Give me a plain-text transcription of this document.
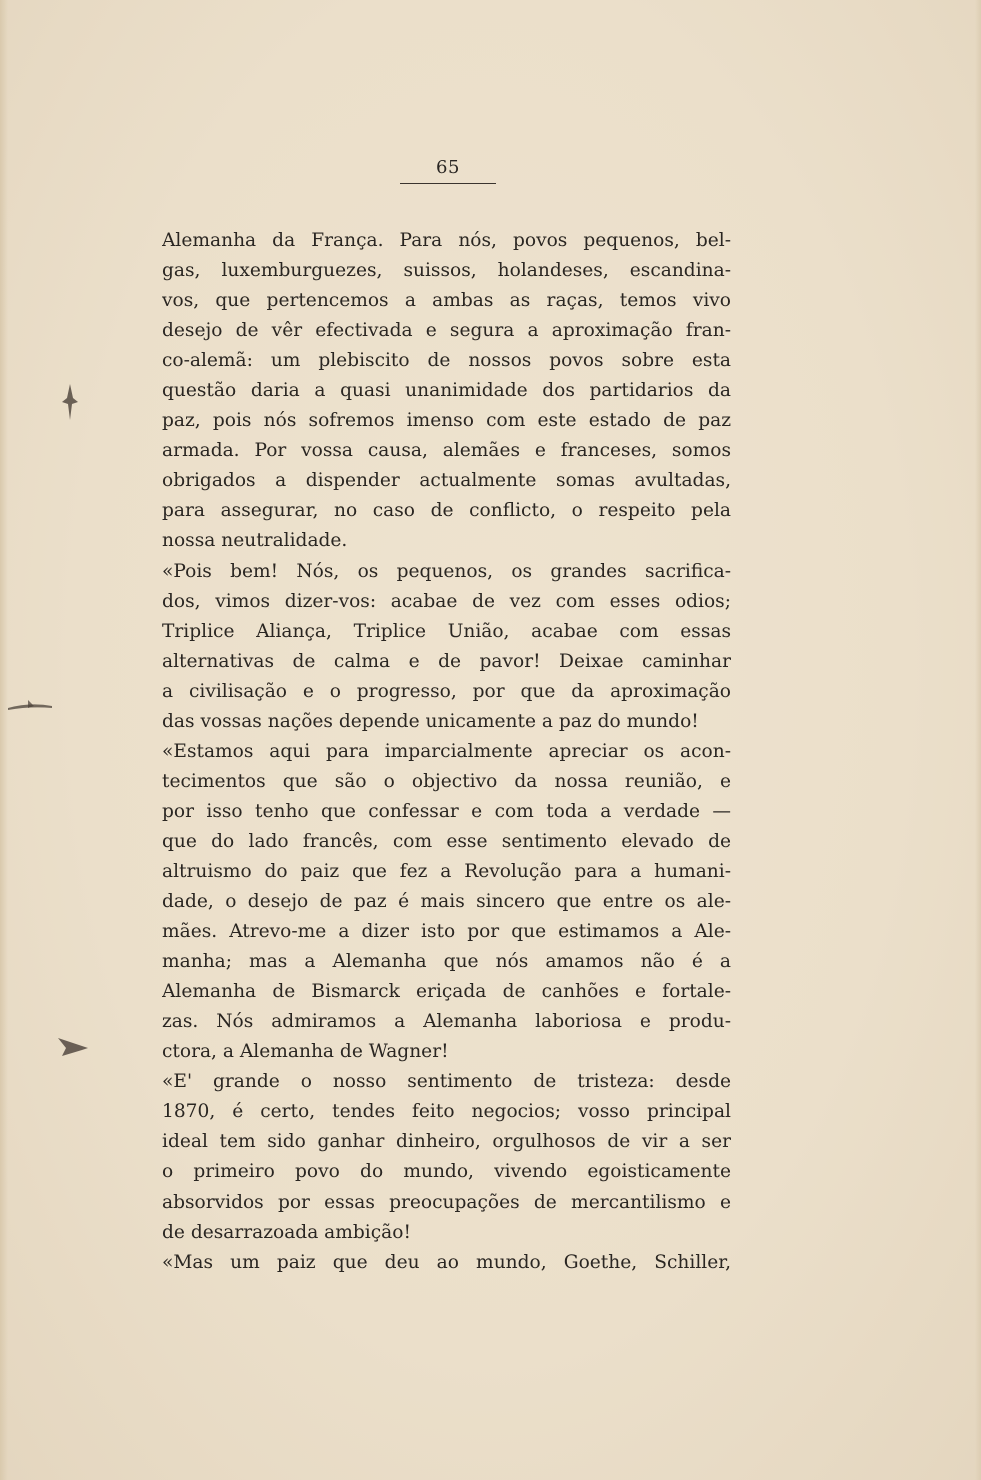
65
Alemanha da França. Para nós, povos pequenos, bel-
gas, luxemburguezes, suissos, holandeses, escandina-
vos, que pertencemos a ambas as raças, temos vivo
desejo de vêr efectivada e segura a aproximação fran-
co-alemã: um plebiscito de nossos povos sobre esta
questão daria a quasi unanimidade dos partidarios da
paz, pois nós sofremos imenso com este estado de paz
armada. Por vossa causa, alemães e franceses, somos
obrigados a dispender actualmente somas avultadas,
para assegurar, no caso de conflicto, o respeito pela
nossa neutralidade.
«Pois bem! Nós, os pequenos, os grandes sacrifica-
dos, vimos dizer-vos: acabae de vez com esses odios;
Triplice Aliança, Triplice União, acabae com essas
alternativas de calma e de pavor! Deixae caminhar
a civilisação e o progresso, por que da aproximação
das vossas nações depende unicamente a paz do mundo!
«Estamos aqui para imparcialmente apreciar os acon-
tecimentos que são o objectivo da nossa reunião, e
por isso tenho que confessar e com toda a verdade —
que do lado francês, com esse sentimento elevado de
altruismo do paiz que fez a Revolução para a humani-
dade, o desejo de paz é mais sincero que entre os ale-
mães. Atrevo-me a dizer isto por que estimamos a Ale-
manha; mas a Alemanha que nós amamos não é a
Alemanha de Bismarck eriçada de canhões e fortale-
zas. Nós admiramos a Alemanha laboriosa e produ-
ctora, a Alemanha de Wagner!
«E' grande o nosso sentimento de tristeza: desde
1870, é certo, tendes feito negocios; vosso principal
ideal tem sido ganhar dinheiro, orgulhosos de vir a ser
o primeiro povo do mundo, vivendo egoisticamente
absorvidos por essas preocupações de mercantilismo e
de desarrazoada ambição!
«Mas um paiz que deu ao mundo, Goethe, Schiller,
